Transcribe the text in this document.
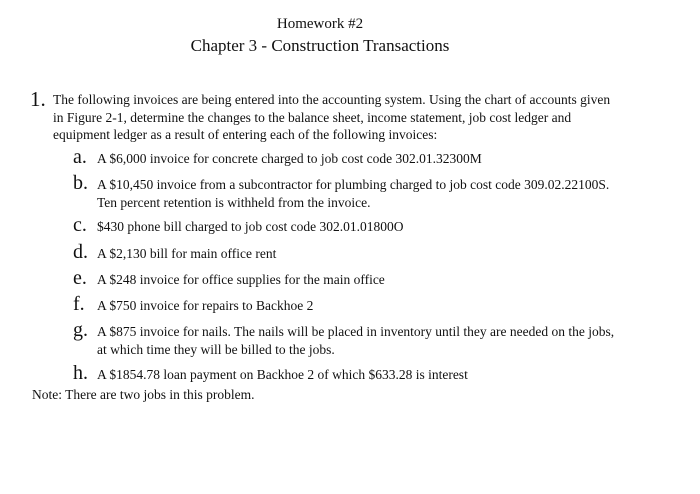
Homework #2
Chapter 3 - Construction Transactions
1. The following invoices are being entered into the accounting system. Using the chart of accounts given in Figure 2-1, determine the changes to the balance sheet, income statement, job cost ledger and equipment ledger as a result of entering each of the following invoices:
a. A $6,000 invoice for concrete charged to job cost code 302.01.32300M
b. A $10,450 invoice from a subcontractor for plumbing charged to job cost code 309.02.22100S. Ten percent retention is withheld from the invoice.
c. $430 phone bill charged to job cost code 302.01.01800O
d. A $2,130 bill for main office rent
e. A $248 invoice for office supplies for the main office
f. A $750 invoice for repairs to Backhoe 2
g. A $875 invoice for nails. The nails will be placed in inventory until they are needed on the jobs, at which time they will be billed to the jobs.
h. A $1854.78 loan payment on Backhoe 2 of which $633.28 is interest
Note: There are two jobs in this problem.
